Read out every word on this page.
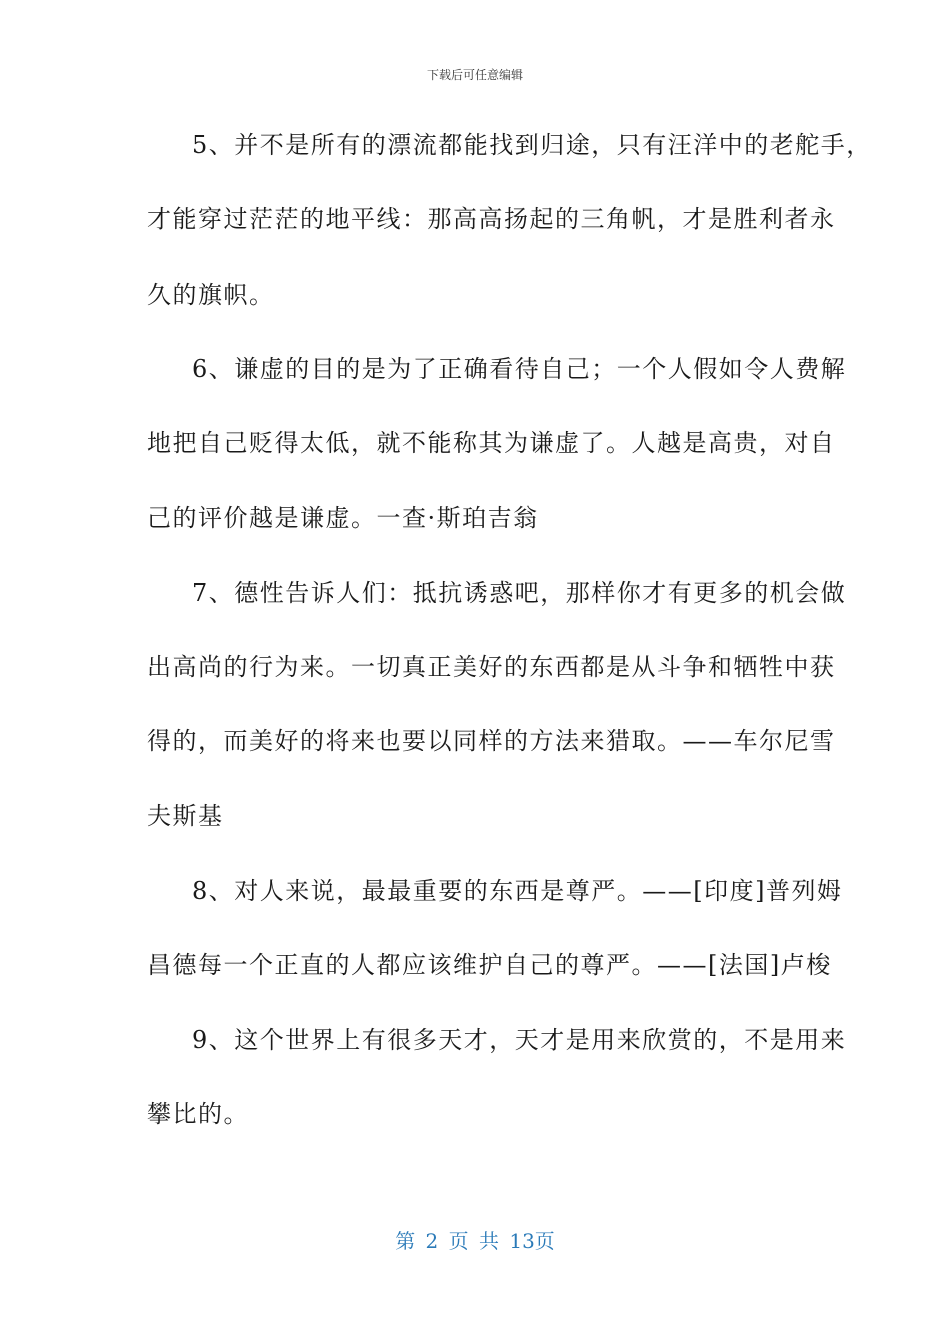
下载后可任意编辑
5、并不是所有的漂流都能找到归途，只有汪洋中的老舵手，
才能穿过茫茫的地平线：那高高扬起的三角帆，才是胜利者永
久的旗帜。
6、谦虚的目的是为了正确看待自己；一个人假如令人费解
地把自己贬得太低，就不能称其为谦虚了。人越是高贵，对自
己的评价越是谦虚。一查·斯珀吉翁
7、德性告诉人们：抵抗诱惑吧，那样你才有更多的机会做
出高尚的行为来。一切真正美好的东西都是从斗争和牺牲中获
得的，而美好的将来也要以同样的方法来猎取。——车尔尼雪
夫斯基
8、对人来说，最最重要的东西是尊严。——[印度]普列姆
昌德每一个正直的人都应该维护自己的尊严。——[法国]卢梭
9、这个世界上有很多天才，天才是用来欣赏的，不是用来
攀比的。
第 2 页 共 13页
